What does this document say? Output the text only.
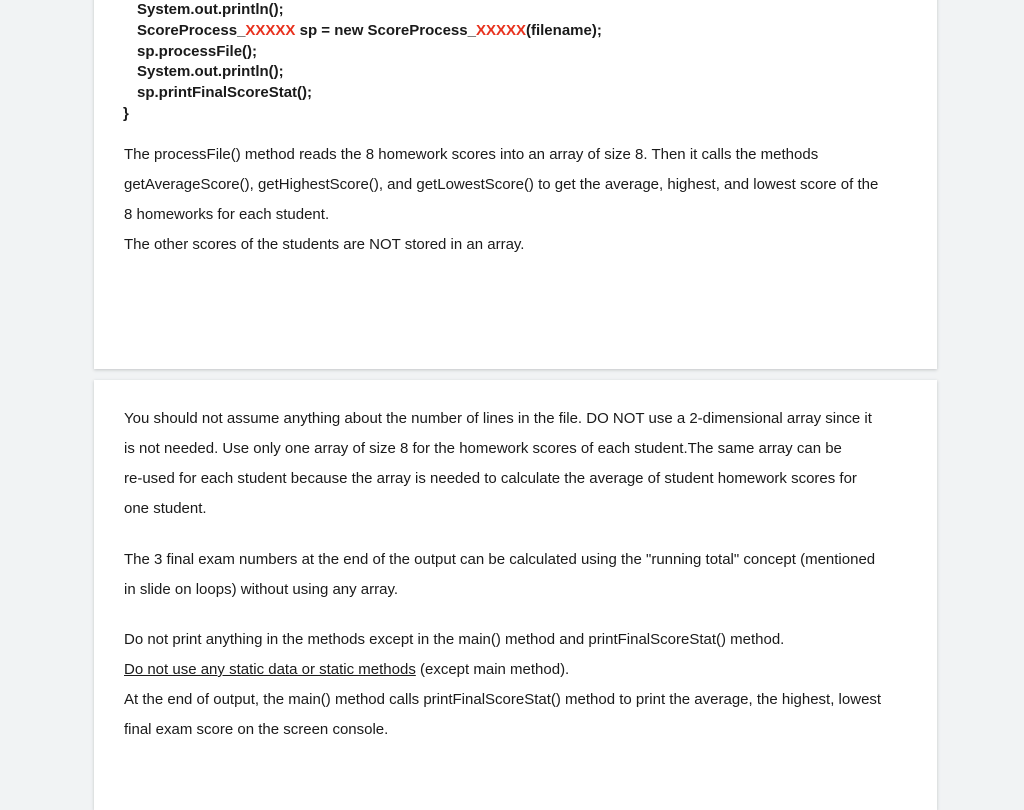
System.out.println();
ScoreProcess_XXXXX sp = new ScoreProcess_XXXXX(filename);
sp.processFile();
System.out.println();
sp.printFinalScoreStat();
}
The processFile() method reads the 8 homework scores into an array of size 8. Then it calls the methods
getAverageScore(), getHighestScore(), and getLowestScore() to get the average, highest, and lowest score of the
8 homeworks for each student.
The other scores of the students are NOT stored in an array.
You should not assume anything about the number of lines in the file. DO NOT use a 2-dimensional array since it
is not needed. Use only one array of size 8 for the homework scores of each student.The same array can be
re-used for each student because the array is needed to calculate the average of student homework scores for
one student.
The 3 final exam numbers at the end of the output can be calculated using the "running total" concept (mentioned
in slide on loops) without using any array.
Do not print anything in the methods except in the main() method and printFinalScoreStat() method.
Do not use any static data or static methods (except main method).
At the end of output, the main() method calls printFinalScoreStat() method to print the average, the highest, lowest
final exam score on the screen console.
